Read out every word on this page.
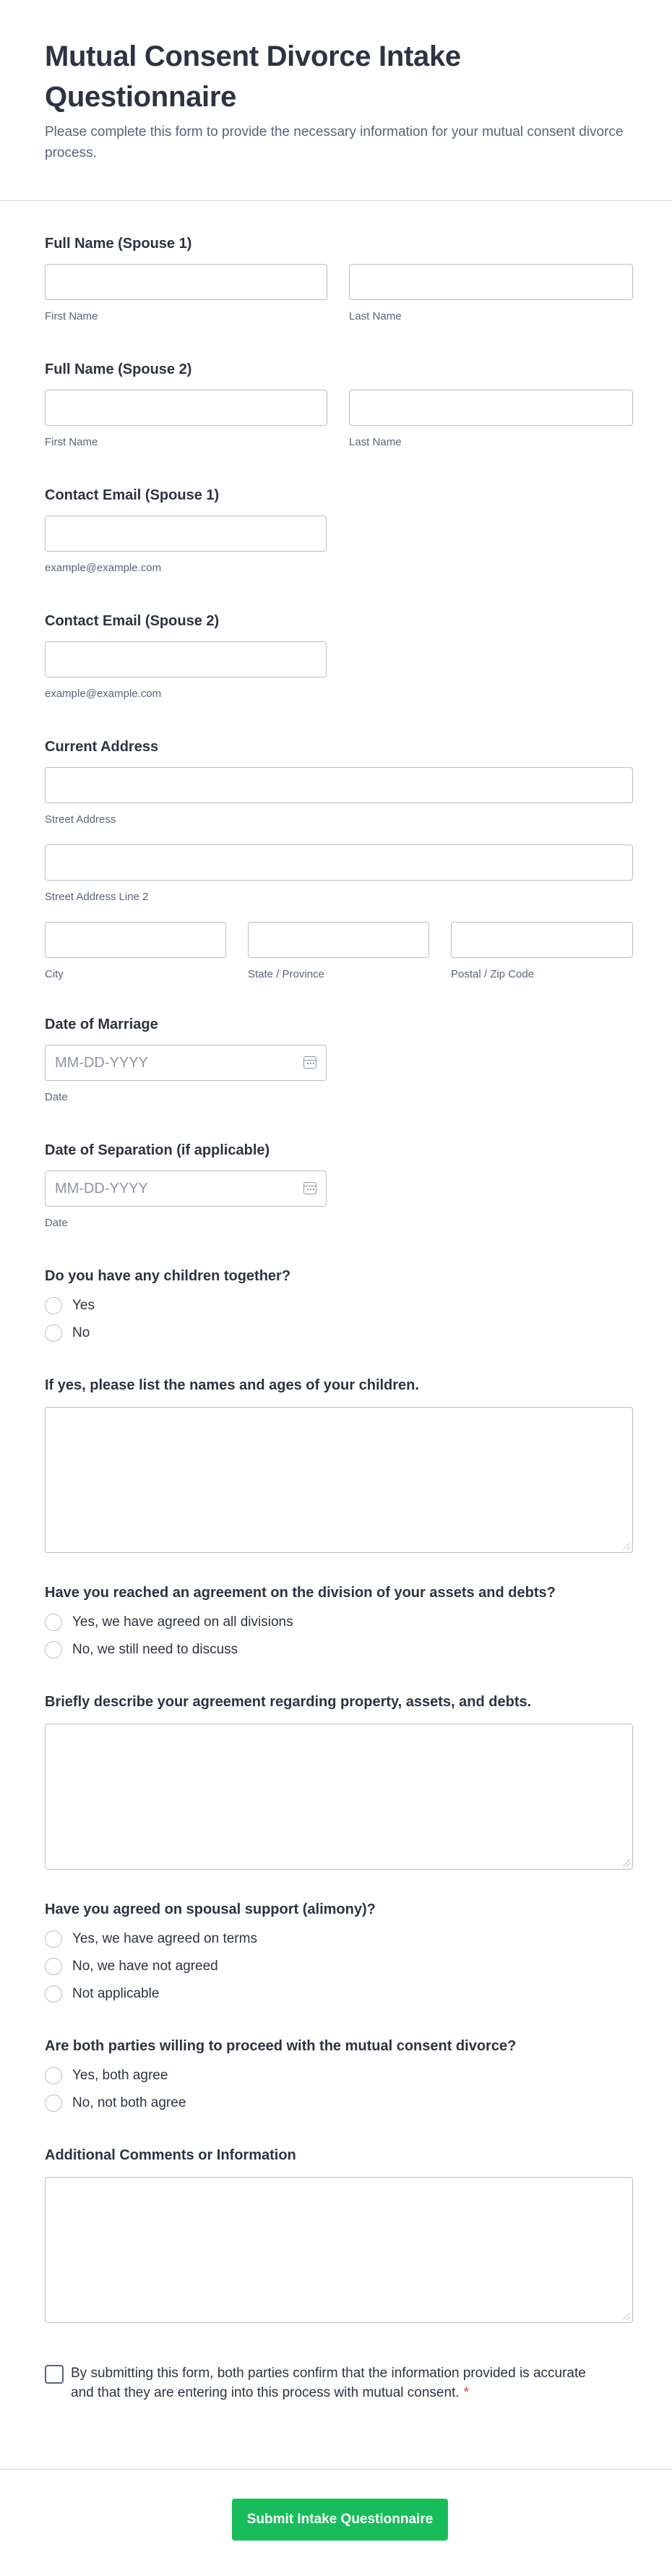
Mutual Consent Divorce Intake Questionnaire

Please complete this form to provide the necessary information for your mutual consent divorce process.

Full Name (Spouse 1)
First Name	Last Name
Full Name (Spouse 2)
First Name	Last Name
Contact Email (Spouse 1)
example@example.com
Contact Email (Spouse 2)
example@example.com
Current Address
Street Address
Street Address Line 2
City	State / Province	Postal / Zip Code
Date of Marriage
MM-DD-YYYY
Date
Date of Separation (if applicable)
MM-DD-YYYY
Date
Do you have any children together?
Yes
No
If yes, please list the names and ages of your children.
Have you reached an agreement on the division of your assets and debts?
Yes, we have agreed on all divisions
No, we still need to discuss
Briefly describe your agreement regarding property, assets, and debts.
Have you agreed on spousal support (alimony)?
Yes, we have agreed on terms
No, we have not agreed
Not applicable
Are both parties willing to proceed with the mutual consent divorce?
Yes, both agree
No, not both agree
Additional Comments or Information

By submitting this form, both parties confirm that the information provided is accurate and that they are entering into this process with mutual consent. *

Submit Intake Questionnaire
